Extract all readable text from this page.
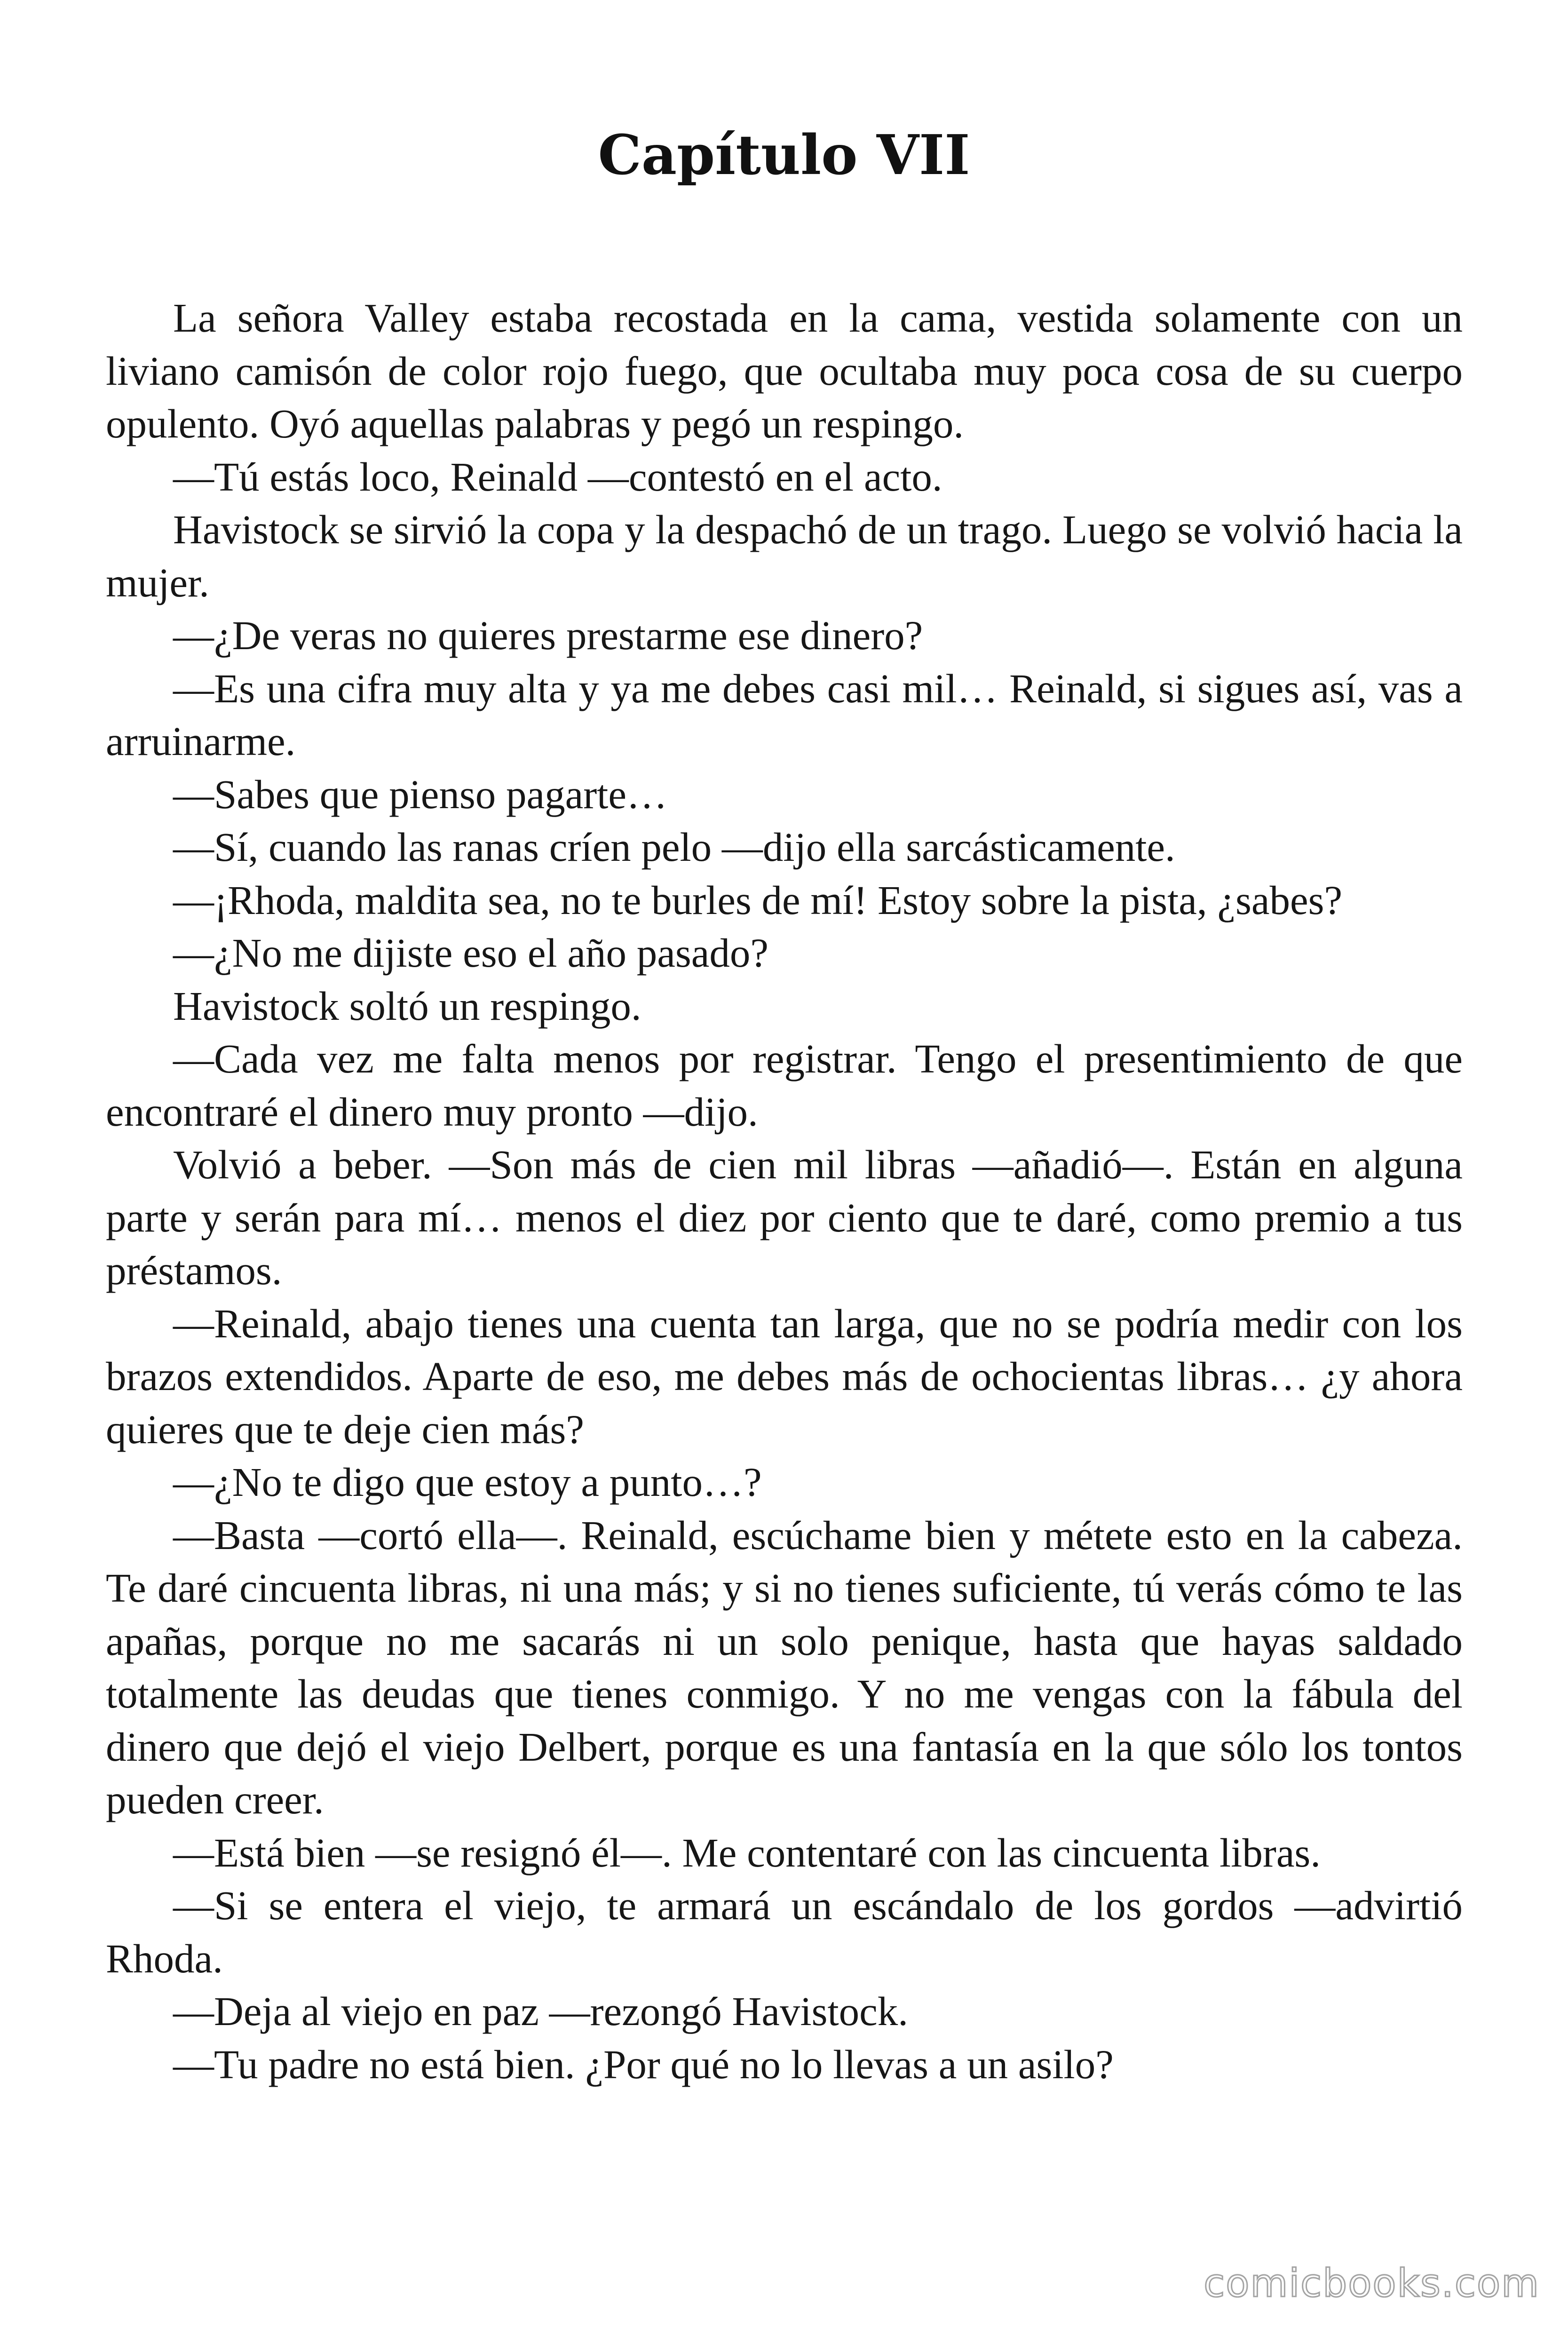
Capítulo VII

La señora Valley estaba recostada en la cama, vestida solamente con un liviano camisón de color rojo fuego, que ocultaba muy poca cosa de su cuerpo opulento. Oyó aquellas palabras y pegó un respingo.

—Tú estás loco, Reinald —contestó en el acto.

Havistock se sirvió la copa y la despachó de un trago. Luego se volvió hacia la mujer.

—¿De veras no quieres prestarme ese dinero?

—Es una cifra muy alta y ya me debes casi mil… Reinald, si sigues así, vas a arruinarme.

—Sabes que pienso pagarte…

—Sí, cuando las ranas críen pelo —dijo ella sarcásticamente.

—¡Rhoda, maldita sea, no te burles de mí! Estoy sobre la pista, ¿sabes?

—¿No me dijiste eso el año pasado?

Havistock soltó un respingo.

—Cada vez me falta menos por registrar. Tengo el presentimiento de que encontraré el dinero muy pronto —dijo.

Volvió a beber. —Son más de cien mil libras —añadió—. Están en alguna parte y serán para mí… menos el diez por ciento que te daré, como premio a tus préstamos.

—Reinald, abajo tienes una cuenta tan larga, que no se podría medir con los brazos extendidos. Aparte de eso, me debes más de ochocientas libras… ¿y ahora quieres que te deje cien más?

—¿No te digo que estoy a punto…?

—Basta —cortó ella—. Reinald, escúchame bien y métete esto en la cabeza. Te daré cincuenta libras, ni una más; y si no tienes suficiente, tú verás cómo te las apañas, porque no me sacarás ni un solo penique, hasta que hayas saldado totalmente las deudas que tienes conmigo. Y no me vengas con la fábula del dinero que dejó el viejo Delbert, porque es una fantasía en la que sólo los tontos pueden creer.

—Está bien —se resignó él—. Me contentaré con las cincuenta libras.

—Si se entera el viejo, te armará un escándalo de los gordos —advirtió Rhoda.

—Deja al viejo en paz —rezongó Havistock.

—Tu padre no está bien. ¿Por qué no lo llevas a un asilo?

comicbooks.com
